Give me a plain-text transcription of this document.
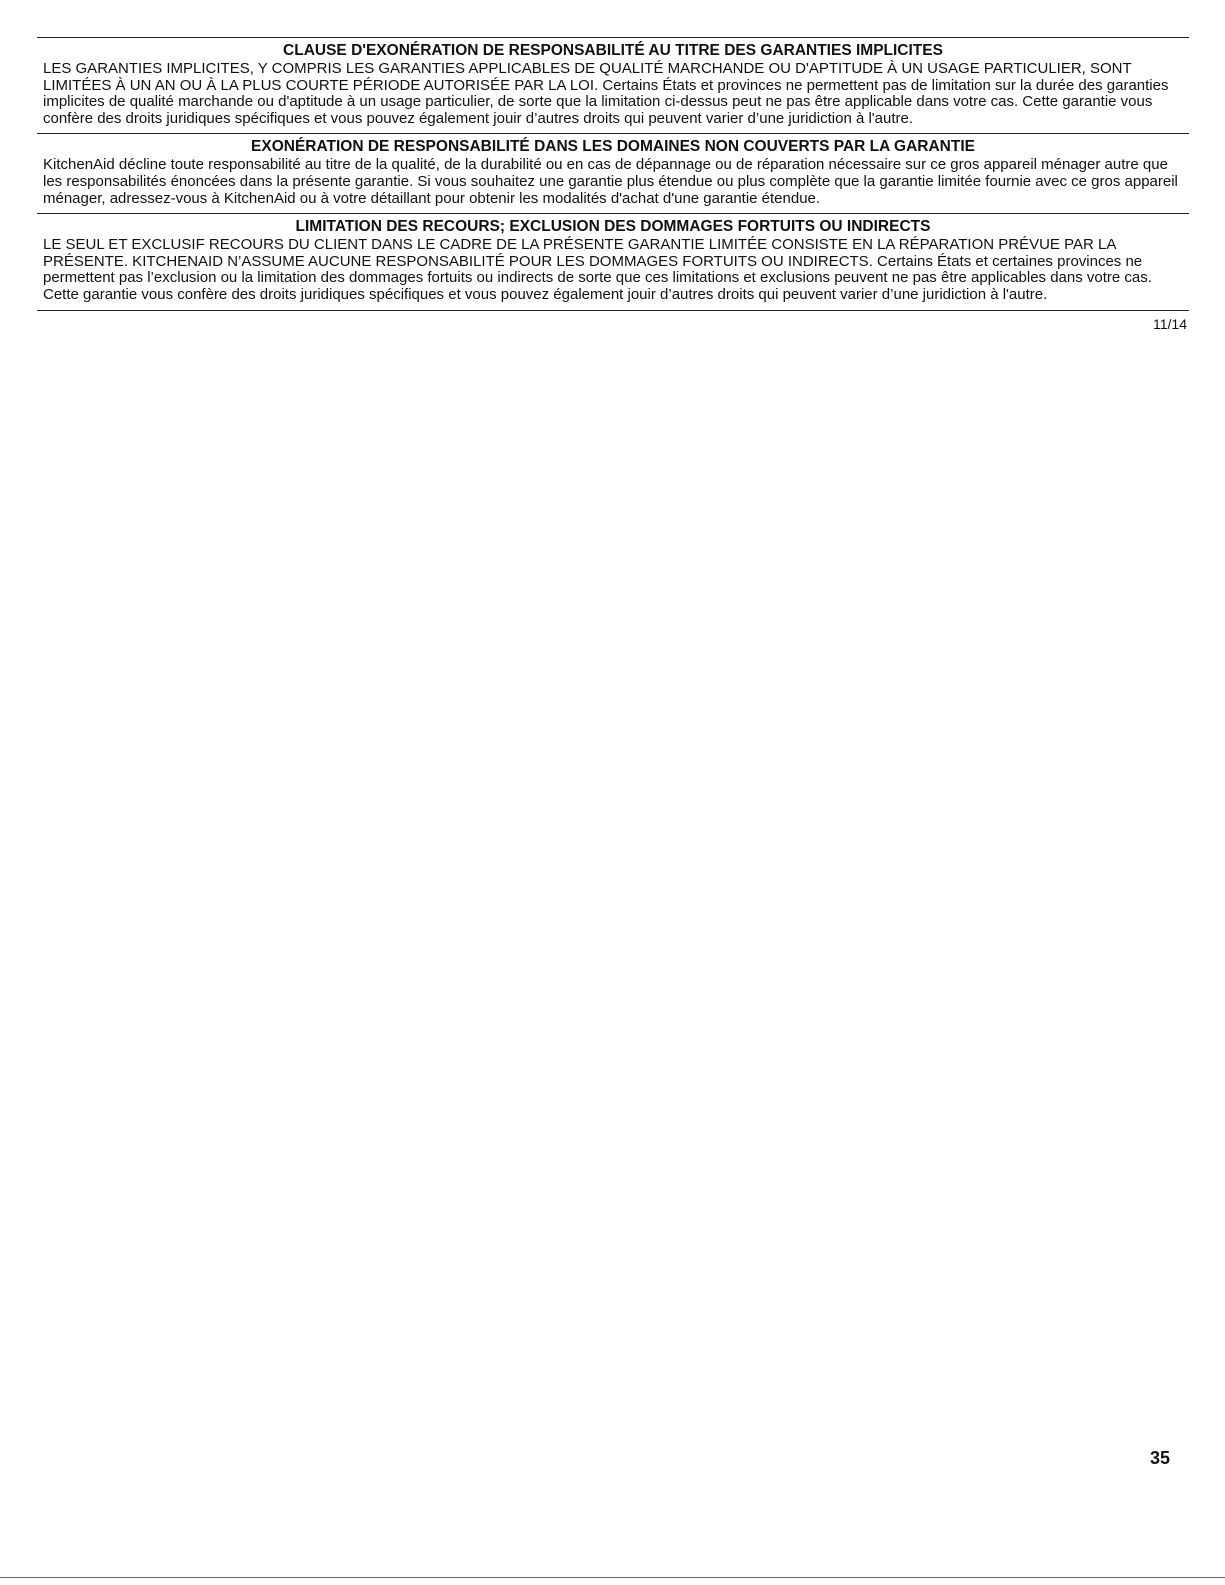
CLAUSE D'EXONÉRATION DE RESPONSABILITÉ AU TITRE DES GARANTIES IMPLICITES

LES GARANTIES IMPLICITES, Y COMPRIS LES GARANTIES APPLICABLES DE QUALITÉ MARCHANDE OU D'APTITUDE À UN USAGE PARTICULIER, SONT LIMITÉES À UN AN OU À LA PLUS COURTE PÉRIODE AUTORISÉE PAR LA LOI. Certains États et provinces ne permettent pas de limitation sur la durée des garanties implicites de qualité marchande ou d'aptitude à un usage particulier, de sorte que la limitation ci-dessus peut ne pas être applicable dans votre cas. Cette garantie vous confère des droits juridiques spécifiques et vous pouvez également jouir d’autres droits qui peuvent varier d’une juridiction à l'autre.

EXONÉRATION DE RESPONSABILITÉ DANS LES DOMAINES NON COUVERTS PAR LA GARANTIE

KitchenAid décline toute responsabilité au titre de la qualité, de la durabilité ou en cas de dépannage ou de réparation nécessaire sur ce gros appareil ménager autre que les responsabilités énoncées dans la présente garantie. Si vous souhaitez une garantie plus étendue ou plus complète que la garantie limitée fournie avec ce gros appareil ménager, adressez-vous à KitchenAid ou à votre détaillant pour obtenir les modalités d'achat d'une garantie étendue.

LIMITATION DES RECOURS; EXCLUSION DES DOMMAGES FORTUITS OU INDIRECTS

LE SEUL ET EXCLUSIF RECOURS DU CLIENT DANS LE CADRE DE LA PRÉSENTE GARANTIE LIMITÉE CONSISTE EN LA RÉPARATION PRÉVUE PAR LA PRÉSENTE. KITCHENAID N’ASSUME AUCUNE RESPONSABILITÉ POUR LES DOMMAGES FORTUITS OU INDIRECTS. Certains États et certaines provinces ne permettent pas l’exclusion ou la limitation des dommages fortuits ou indirects de sorte que ces limitations et exclusions peuvent ne pas être applicables dans votre cas. Cette garantie vous confère des droits juridiques spécifiques et vous pouvez également jouir d’autres droits qui peuvent varier d’une juridiction à l'autre.

11/14
35
